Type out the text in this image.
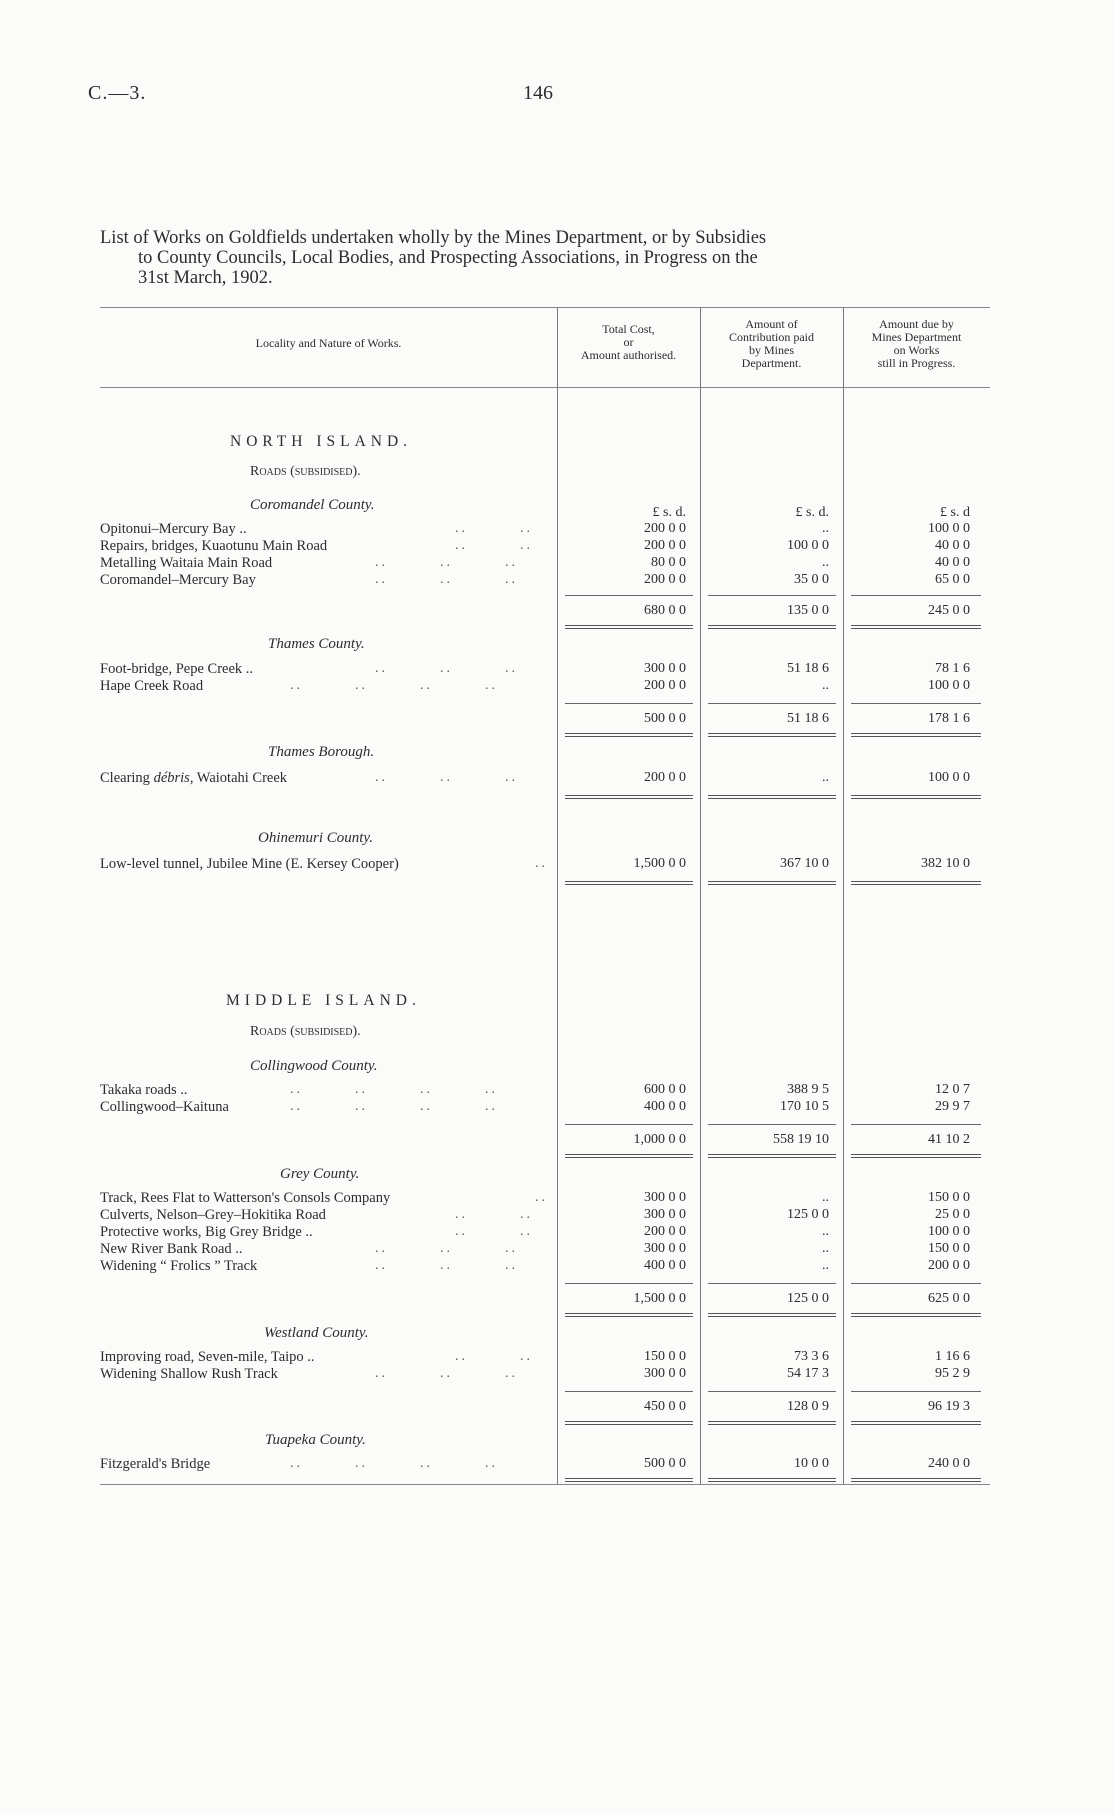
C.—3.	146
List of Works on Goldfields undertaken wholly by the Mines Department, or by Subsidies
to County Councils, Local Bodies, and Prospecting Associations, in Progress on the
31st March, 1902.
Locality and Nature of Works.
Total Cost,
or
Amount authorised.
Amount of
Contribution paid
by Mines
Department.
Amount due by
Mines Department
on Works
still in Progress.
NORTH ISLAND.
Roads (subsidised).
Coromandel County.	£ s. d.	£ s. d.	£ s. d
Opitonui–Mercury Bay ..	..        ..	200 0 0	..	100 0 0
Repairs, bridges, Kuaotunu Main Road	..        ..	200 0 0	100 0 0	40 0 0
Metalling Waitaia Main Road	..        ..        ..	80 0 0	..	40 0 0
Coromandel–Mercury Bay	..        ..        ..	200 0 0	35 0 0	65 0 0
680 0 0	135 0 0	245 0 0
Thames County.
Foot-bridge, Pepe Creek ..	..        ..        ..	300 0 0	51 18 6	78 1 6
Hape Creek Road	..        ..        ..        ..	200 0 0	..	100 0 0
500 0 0	51 18 6	178 1 6
Thames Borough.
Clearing débris, Waiotahi Creek	..        ..        ..	200 0 0	..	100 0 0
Ohinemuri County.
Low-level tunnel, Jubilee Mine (E. Kersey Cooper)	..	1,500 0 0	367 10 0	382 10 0
MIDDLE ISLAND.
Roads (subsidised).
Collingwood County.
Takaka roads ..	..        ..        ..        ..	600 0 0	388 9 5	12 0 7
Collingwood–Kaituna	..        ..        ..        ..	400 0 0	170 10 5	29 9 7
1,000 0 0	558 19 10	41 10 2
Grey County.
Track, Rees Flat to Watterson's Consols Company	..	300 0 0	..	150 0 0
Culverts, Nelson–Grey–Hokitika Road	..        ..	300 0 0	125 0 0	25 0 0
Protective works, Big Grey Bridge ..	..        ..	200 0 0	..	100 0 0
New River Bank Road ..	..        ..        ..	300 0 0	..	150 0 0
Widening “ Frolics ” Track	..        ..        ..	400 0 0	..	200 0 0
1,500 0 0	125 0 0	625 0 0
Westland County.
Improving road, Seven-mile, Taipo ..	..        ..	150 0 0	73 3 6	1 16 6
Widening Shallow Rush Track	..        ..        ..	300 0 0	54 17 3	95 2 9
450 0 0	128 0 9	96 19 3
Tuapeka County.
Fitzgerald's Bridge	..        ..        ..        ..	500 0 0	10 0 0	240 0 0
